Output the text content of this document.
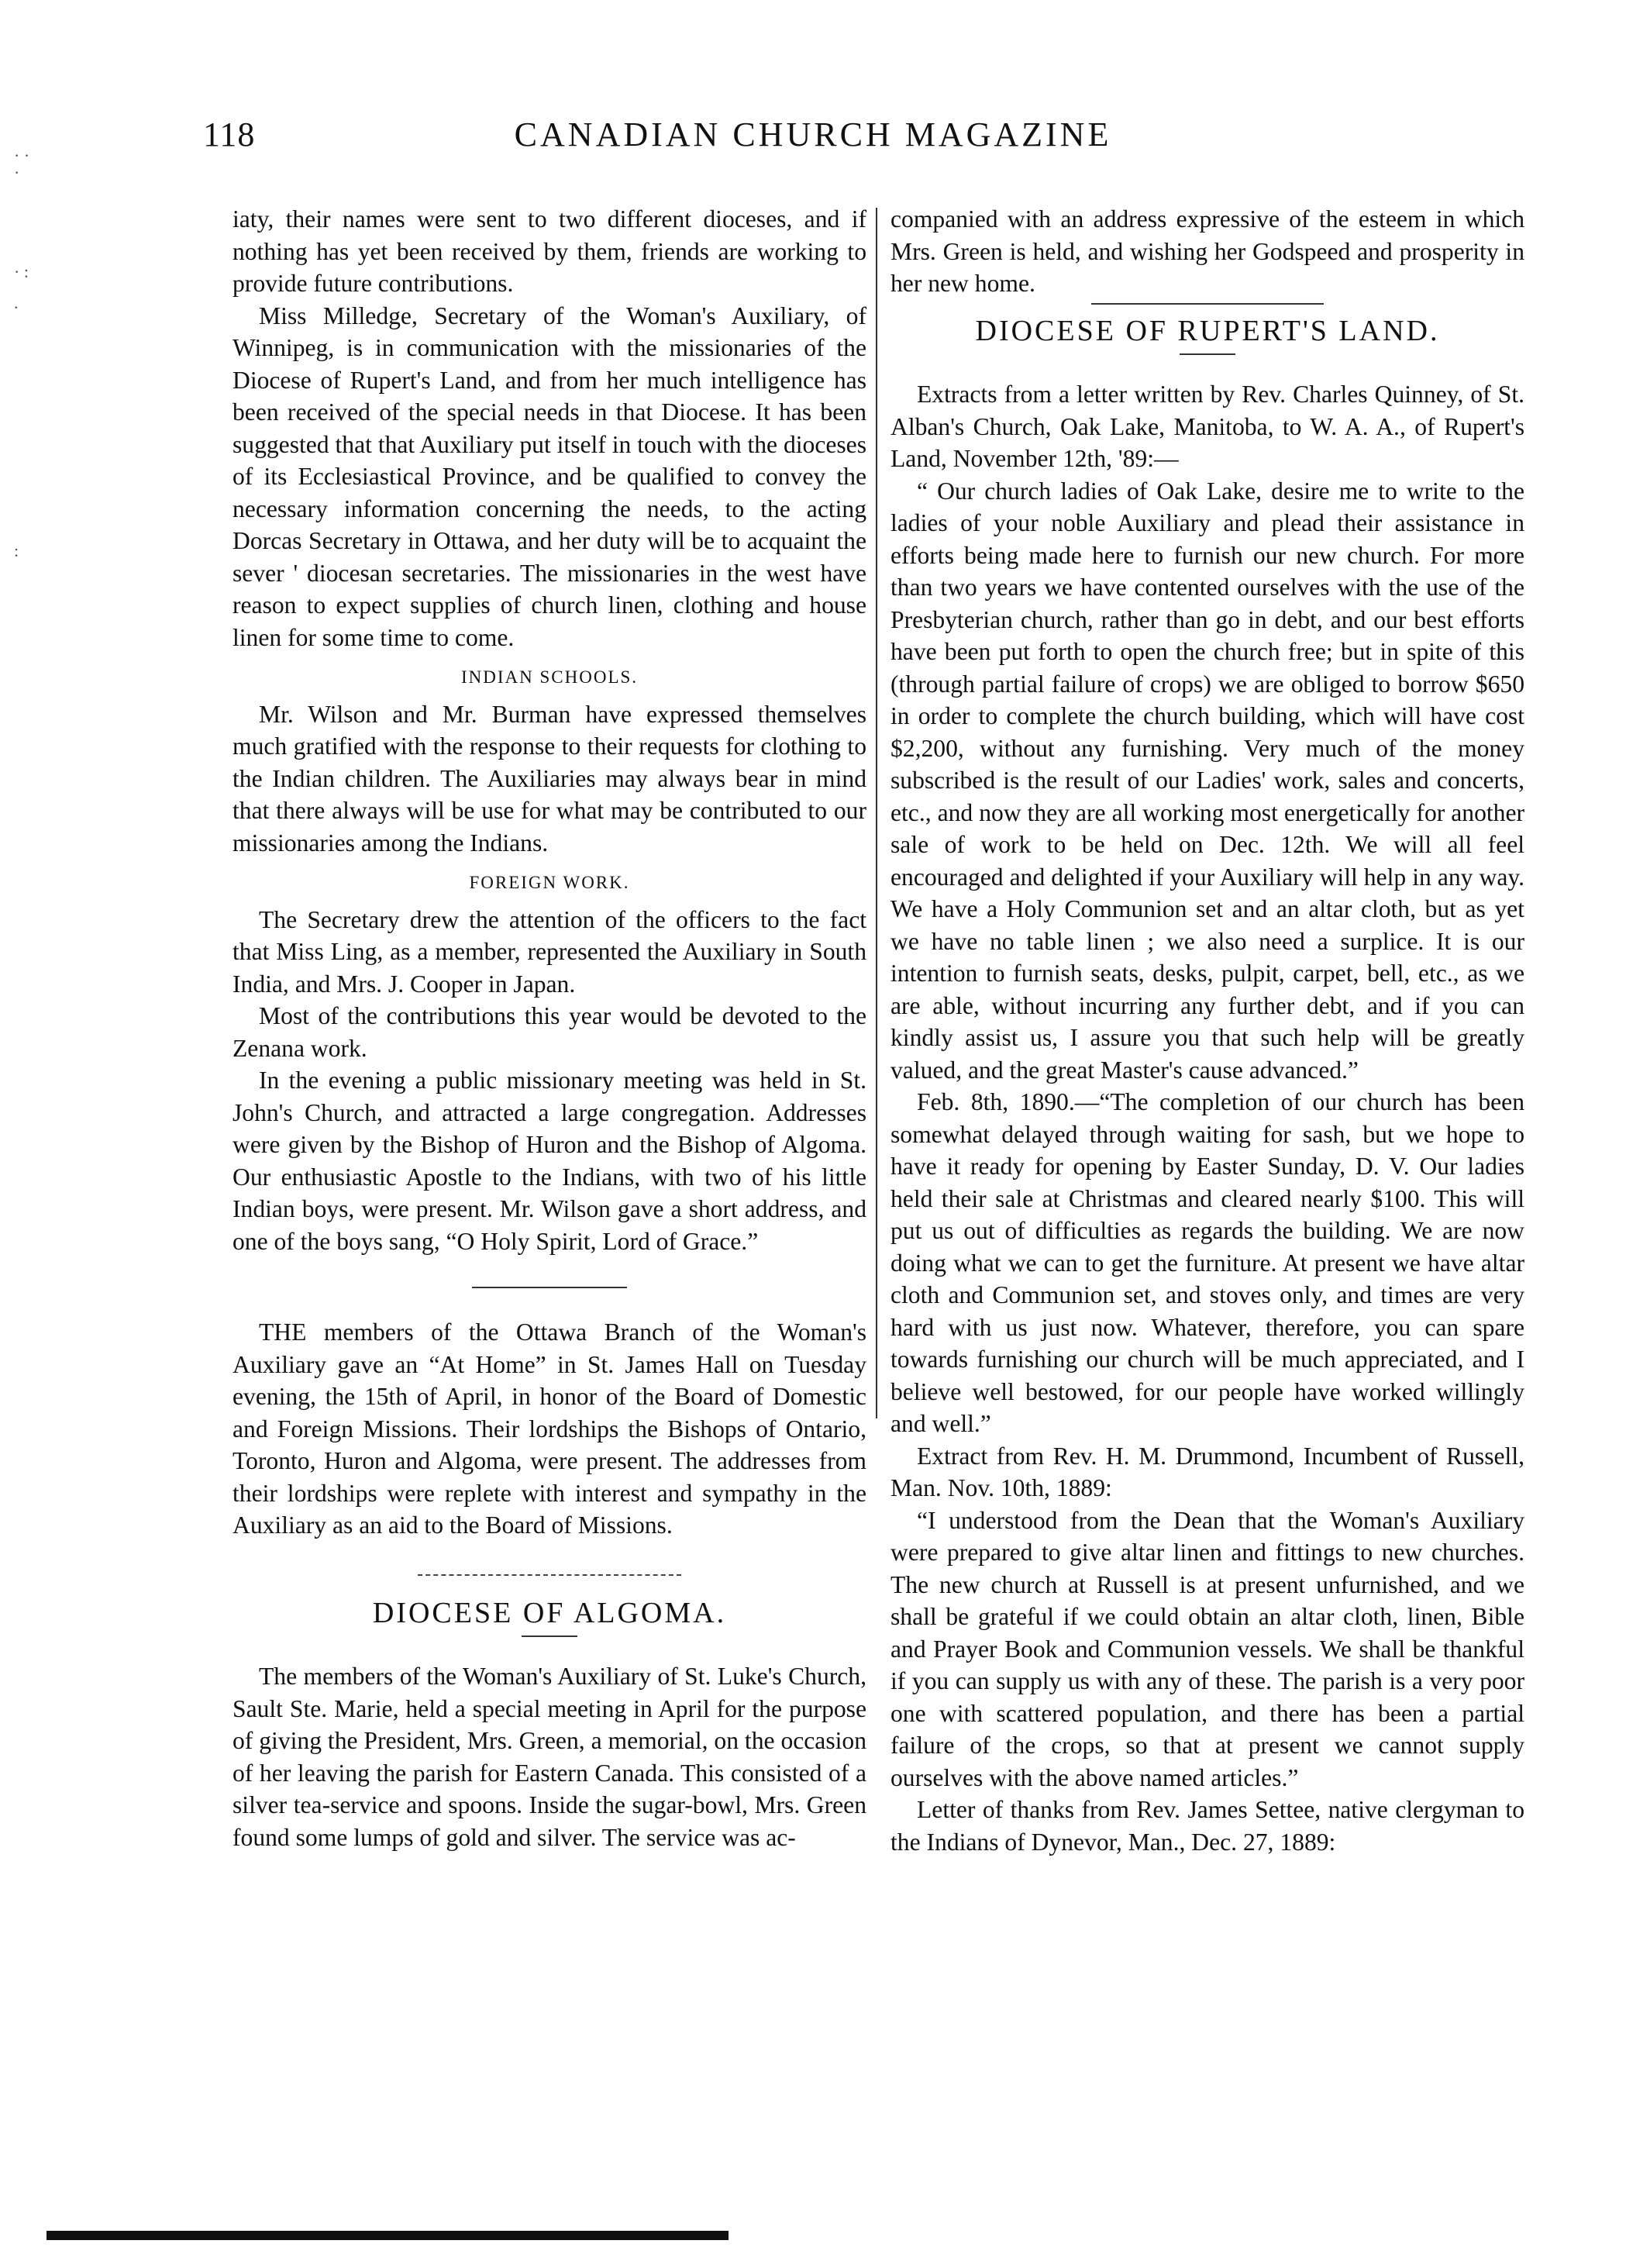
· · ·
· :
.
:
118	CANADIAN CHURCH MAGAZINE

iaty, their names were sent to two different dioceses, and if nothing has yet been received by them, friends are working to provide future contributions.

Miss Milledge, Secretary of the Woman's Auxiliary, of Winnipeg, is in communication with the missionaries of the Diocese of Rupert's Land, and from her much intelligence has been received of the special needs in that Diocese. It has been suggested that that Auxiliary put itself in touch with the dioceses of its Ecclesiastical Province, and be qualified to convey the necessary information concerning the needs, to the acting Dorcas Secretary in Ottawa, and her duty will be to acquaint the sever ' diocesan secretaries. The missionaries in the west have reason to expect supplies of church linen, clothing and house linen for some time to come.

INDIAN SCHOOLS.

Mr. Wilson and Mr. Burman have expressed themselves much gratified with the response to their requests for clothing to the Indian children. The Auxiliaries may always bear in mind that there always will be use for what may be contributed to our missionaries among the Indians.

FOREIGN WORK.

The Secretary drew the attention of the officers to the fact that Miss Ling, as a member, represented the Auxiliary in South India, and Mrs. J. Cooper in Japan.

Most of the contributions this year would be devoted to the Zenana work.

In the evening a public missionary meeting was held in St. John's Church, and attracted a large congregation. Addresses were given by the Bishop of Huron and the Bishop of Algoma. Our enthusiastic Apostle to the Indians, with two of his little Indian boys, were present. Mr. Wilson gave a short address, and one of the boys sang, “O Holy Spirit, Lord of Grace.”

THE members of the Ottawa Branch of the Woman's Auxiliary gave an “At Home” in St. James Hall on Tuesday evening, the 15th of April, in honor of the Board of Domestic and Foreign Missions. Their lordships the Bishops of Ontario, Toronto, Huron and Algoma, were present. The addresses from their lordships were replete with interest and sympathy in the Auxiliary as an aid to the Board of Missions.

DIOCESE OF ALGOMA.

The members of the Woman's Auxiliary of St. Luke's Church, Sault Ste. Marie, held a special meeting in April for the purpose of giving the President, Mrs. Green, a memorial, on the occasion of her leaving the parish for Eastern Canada. This consisted of a silver tea-service and spoons. Inside the sugar-bowl, Mrs. Green found some lumps of gold and silver. The service was ac-

companied with an address expressive of the esteem in which Mrs. Green is held, and wishing her Godspeed and prosperity in her new home.

DIOCESE OF RUPERT'S LAND.

Extracts from a letter written by Rev. Charles Quinney, of St. Alban's Church, Oak Lake, Manitoba, to W. A. A., of Rupert's Land, November 12th, '89:—

“ Our church ladies of Oak Lake, desire me to write to the ladies of your noble Auxiliary and plead their assistance in efforts being made here to furnish our new church. For more than two years we have contented ourselves with the use of the Presbyterian church, rather than go in debt, and our best efforts have been put forth to open the church free; but in spite of this (through partial failure of crops) we are obliged to borrow $650 in order to complete the church building, which will have cost $2,200, without any furnishing. Very much of the money subscribed is the result of our Ladies' work, sales and concerts, etc., and now they are all working most energetically for another sale of work to be held on Dec. 12th. We will all feel encouraged and delighted if your Auxiliary will help in any way. We have a Holy Communion set and an altar cloth, but as yet we have no table linen ; we also need a surplice. It is our intention to furnish seats, desks, pulpit, carpet, bell, etc., as we are able, without incurring any further debt, and if you can kindly assist us, I assure you that such help will be greatly valued, and the great Master's cause advanced.”

Feb. 8th, 1890.—“The completion of our church has been somewhat delayed through waiting for sash, but we hope to have it ready for opening by Easter Sunday, D. V. Our ladies held their sale at Christmas and cleared nearly $100. This will put us out of difficulties as regards the building. We are now doing what we can to get the furniture. At present we have altar cloth and Communion set, and stoves only, and times are very hard with us just now. Whatever, therefore, you can spare towards furnishing our church will be much appreciated, and I believe well bestowed, for our people have worked willingly and well.”

Extract from Rev. H. M. Drummond, Incumbent of Russell, Man. Nov. 10th, 1889:

“I understood from the Dean that the Woman's Auxiliary were prepared to give altar linen and fittings to new churches. The new church at Russell is at present unfurnished, and we shall be grateful if we could obtain an altar cloth, linen, Bible and Prayer Book and Communion vessels. We shall be thankful if you can supply us with any of these. The parish is a very poor one with scattered population, and there has been a partial failure of the crops, so that at present we cannot supply ourselves with the above named articles.”

Letter of thanks from Rev. James Settee, native clergyman to the Indians of Dynevor, Man., Dec. 27, 1889:
